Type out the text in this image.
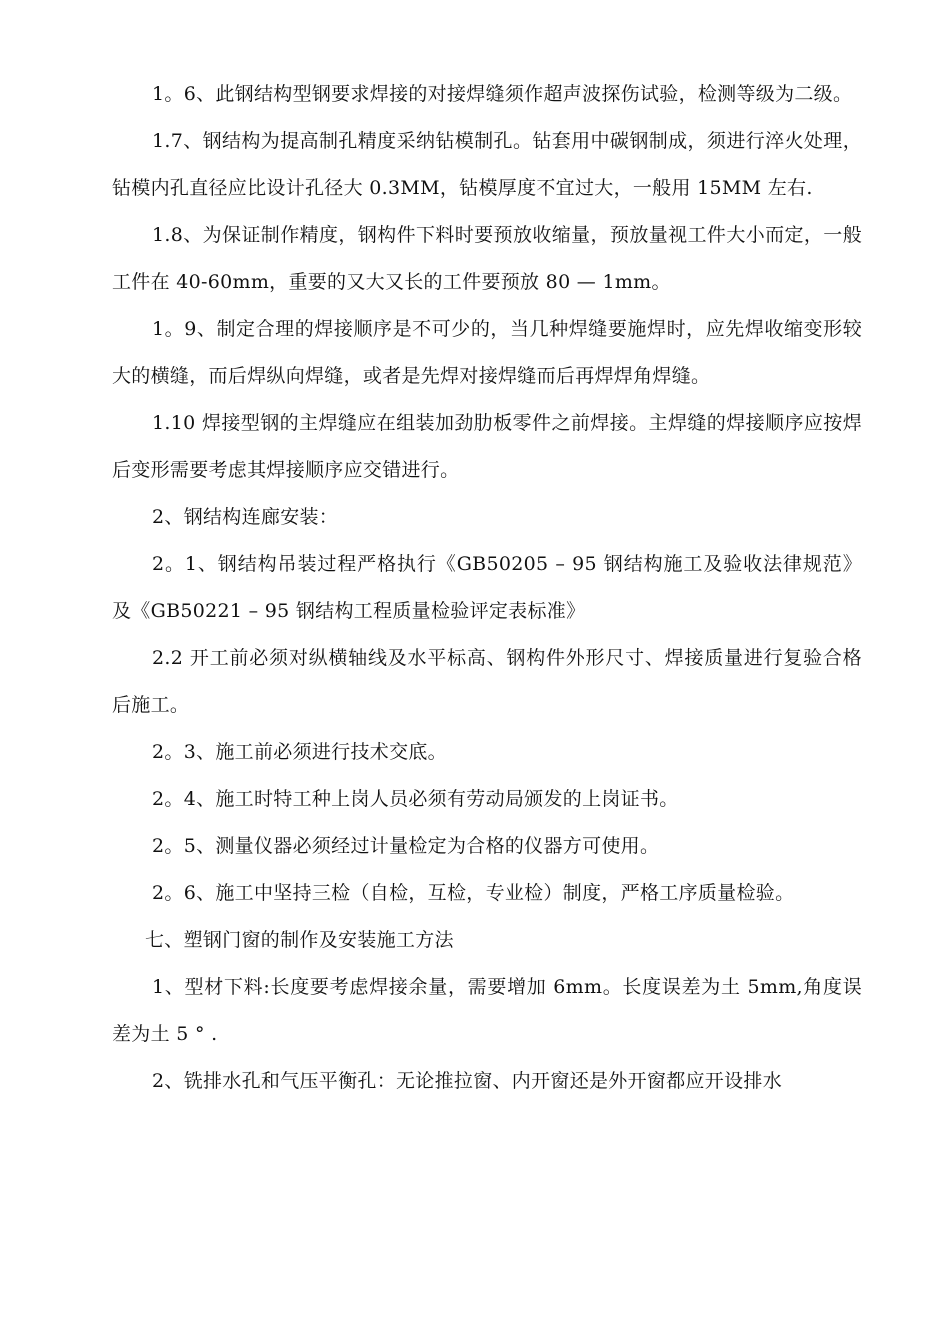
1。6、此钢结构型钢要求焊接的对接焊缝须作超声波探伤试验，检测等级为二级。

1.7、钢结构为提高制孔精度采纳钻模制孔。钻套用中碳钢制成，须进行淬火处理，钻模内孔直径应比设计孔径大 0.3MM，钻模厚度不宜过大，一般用 15MM 左右.

1.8、为保证制作精度，钢构件下料时要预放收缩量，预放量视工件大小而定，一般工件在 40-60mm，重要的又大又长的工件要预放 80 — 1mm。

1。9、制定合理的焊接顺序是不可少的，当几种焊缝要施焊时，应先焊收缩变形较大的横缝，而后焊纵向焊缝，或者是先焊对接焊缝而后再焊焊角焊缝。

1.10 焊接型钢的主焊缝应在组装加劲肋板零件之前焊接。主焊缝的焊接顺序应按焊后变形需要考虑其焊接顺序应交错进行。

2、钢结构连廊安装：

2。1、钢结构吊装过程严格执行《GB50205 – 95 钢结构施工及验收法律规范》及《GB50221 – 95 钢结构工程质量检验评定表标准》

2.2 开工前必须对纵横轴线及水平标高、钢构件外形尺寸、焊接质量进行复验合格后施工。

2。3、施工前必须进行技术交底。

2。4、施工时特工种上岗人员必须有劳动局颁发的上岗证书。

2。5、测量仪器必须经过计量检定为合格的仪器方可使用。

2。6、施工中坚持三检（自检，互检，专业检）制度，严格工序质量检验。

七、塑钢门窗的制作及安装施工方法

1、型材下料:长度要考虑焊接余量，需要增加 6mm。长度误差为土 5mm,角度误差为土 5 ° .

2、铣排水孔和气压平衡孔：无论推拉窗、内开窗还是外开窗都应开设排水
